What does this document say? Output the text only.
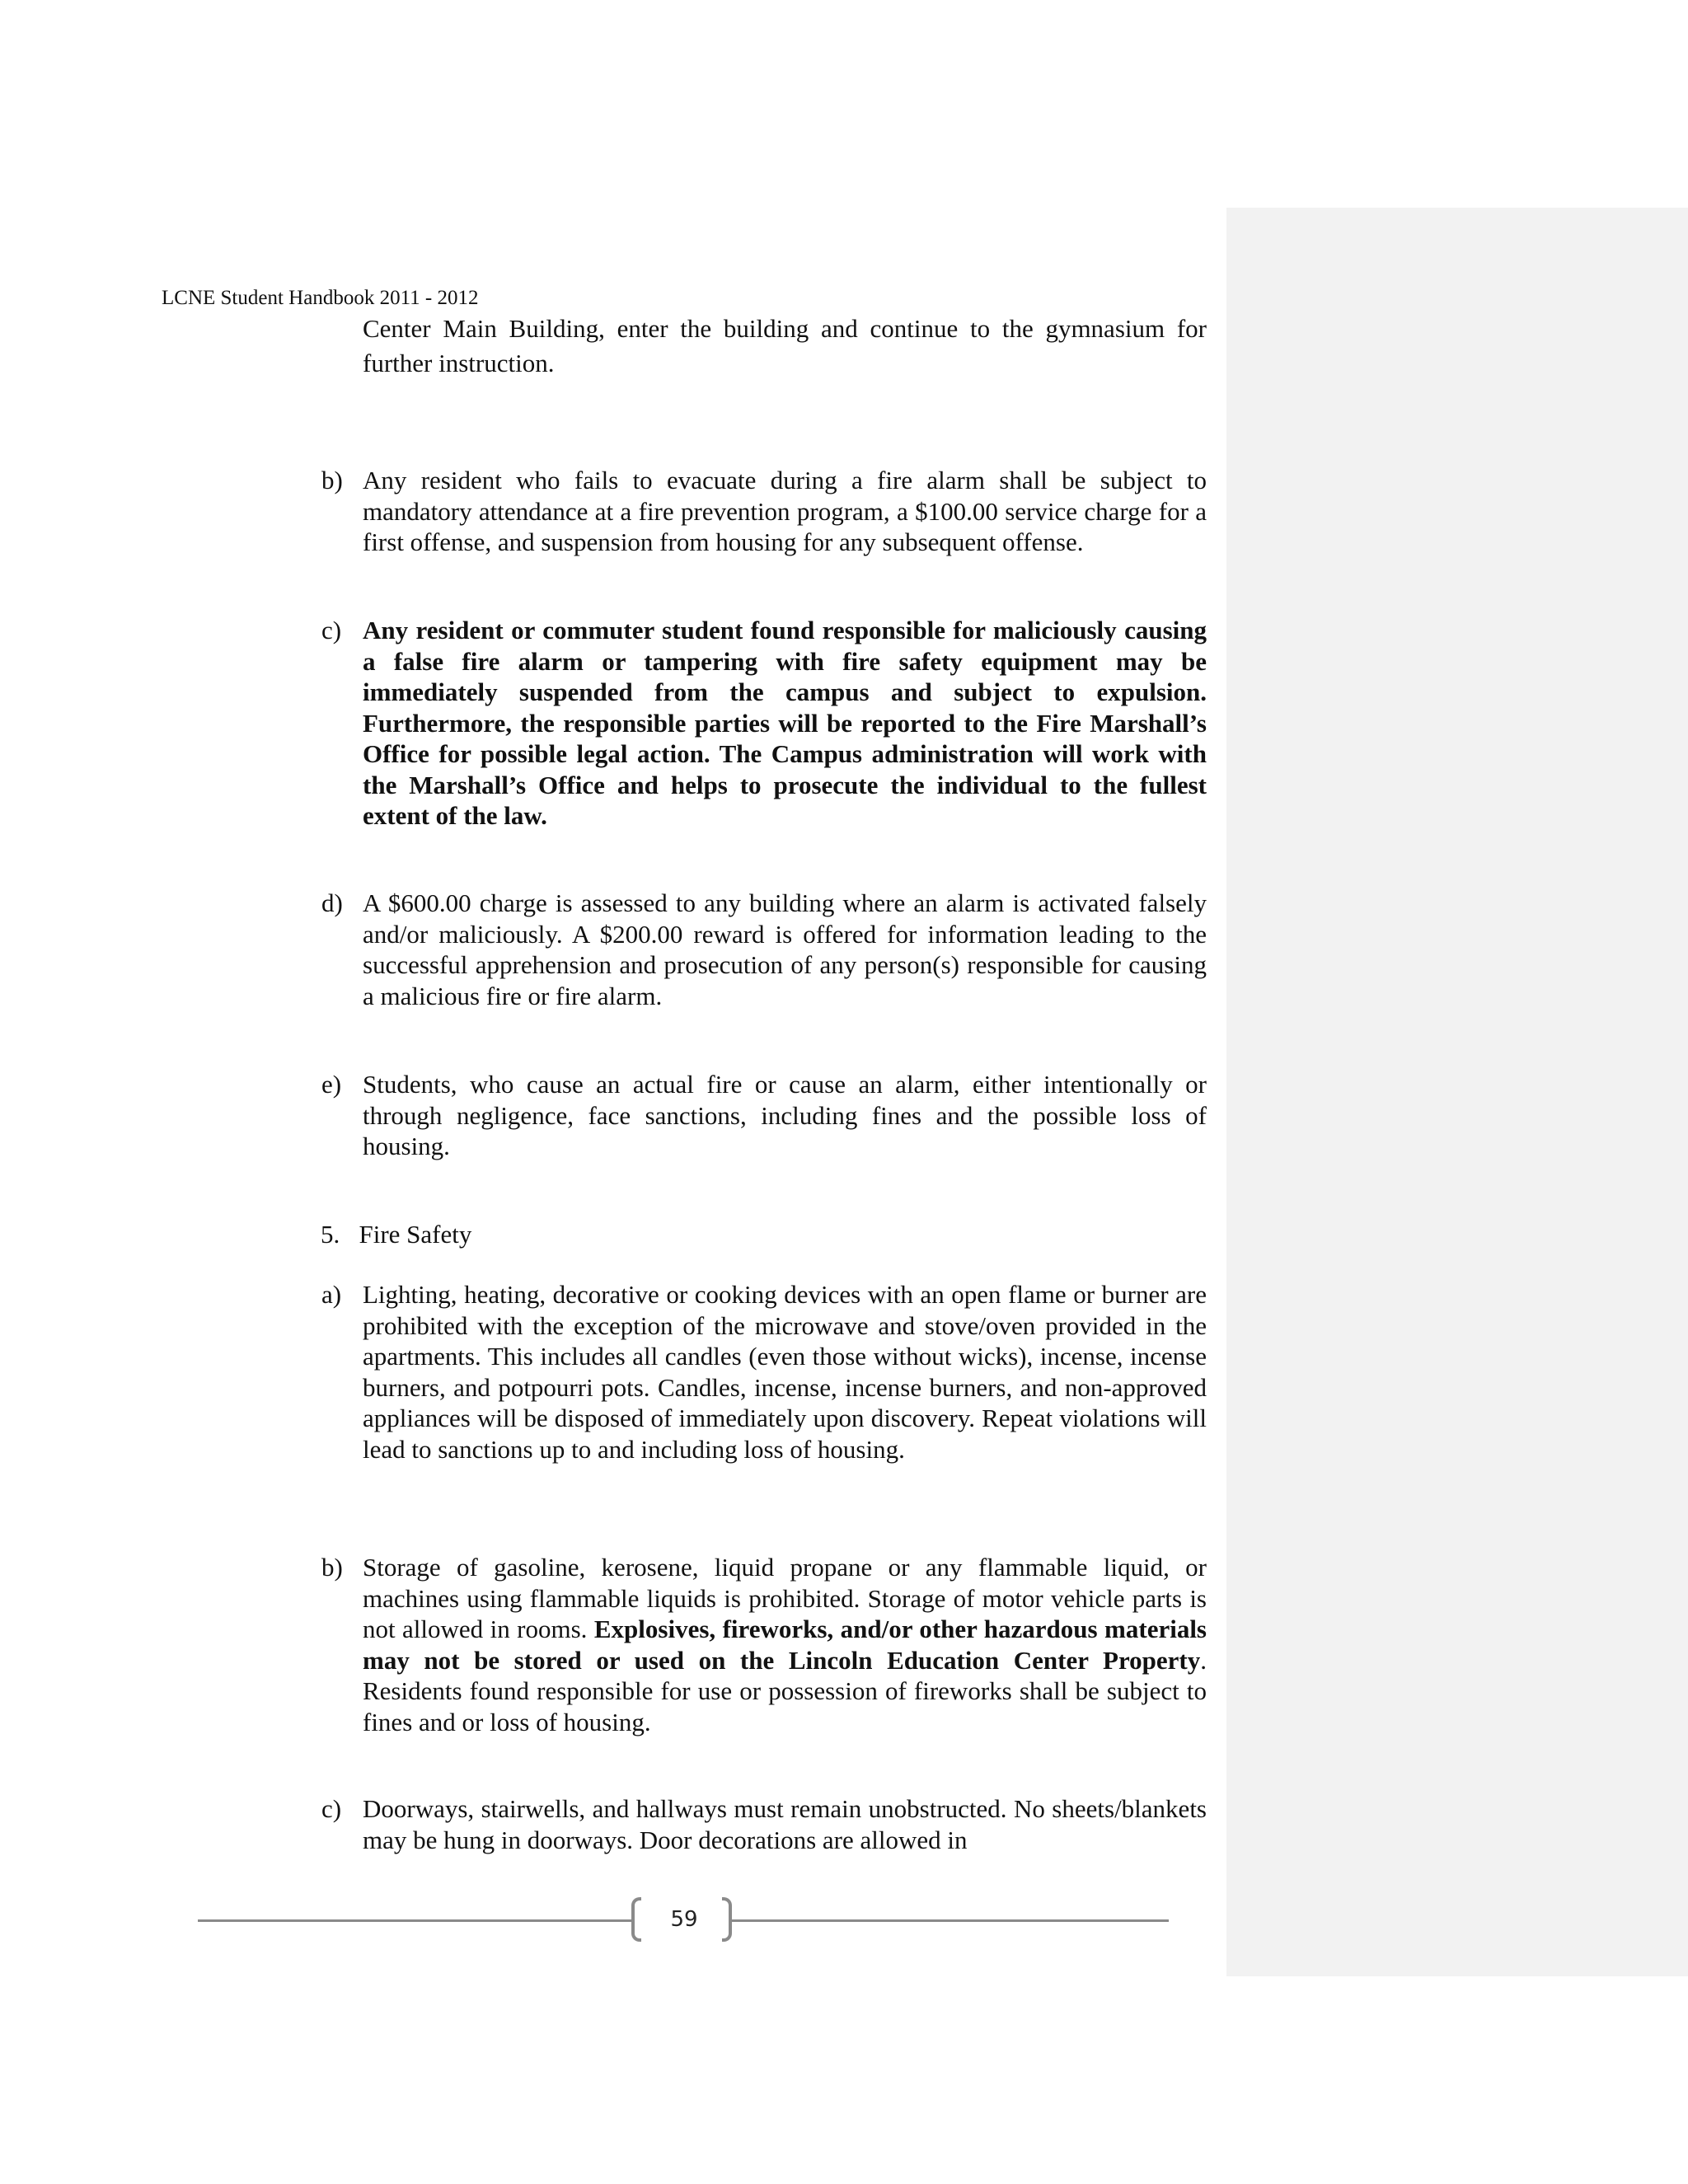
LCNE Student Handbook 2011 - 2012
Center Main Building, enter the building and continue to the gymnasium for further instruction.
b) Any resident who fails to evacuate during a fire alarm shall be subject to mandatory attendance at a fire prevention program, a $100.00 service charge for a first offense, and suspension from housing for any subsequent offense.
c) Any resident or commuter student found responsible for maliciously causing a false fire alarm or tampering with fire safety equipment may be immediately suspended from the campus and subject to expulsion. Furthermore, the responsible parties will be reported to the Fire Marshall’s Office for possible legal action. The Campus administration will work with the Marshall’s Office and helps to prosecute the individual to the fullest extent of the law.
d) A $600.00 charge is assessed to any building where an alarm is activated falsely and/or maliciously. A $200.00 reward is offered for information leading to the successful apprehension and prosecution of any person(s) responsible for causing a malicious fire or fire alarm.
e) Students, who cause an actual fire or cause an alarm, either intentionally or through negligence, face sanctions, including fines and the possible loss of housing.
5. Fire Safety
a) Lighting, heating, decorative or cooking devices with an open flame or burner are prohibited with the exception of the microwave and stove/oven provided in the apartments. This includes all candles (even those without wicks), incense, incense burners, and potpourri pots. Candles, incense, incense burners, and non-approved appliances will be disposed of immediately upon discovery. Repeat violations will lead to sanctions up to and including loss of housing.
b) Storage of gasoline, kerosene, liquid propane or any flammable liquid, or machines using flammable liquids is prohibited. Storage of motor vehicle parts is not allowed in rooms. Explosives, fireworks, and/or other hazardous materials may not be stored or used on the Lincoln Education Center Property. Residents found responsible for use or possession of fireworks shall be subject to fines and or loss of housing.
c) Doorways, stairwells, and hallways must remain unobstructed. No sheets/blankets may be hung in doorways. Door decorations are allowed in
59
